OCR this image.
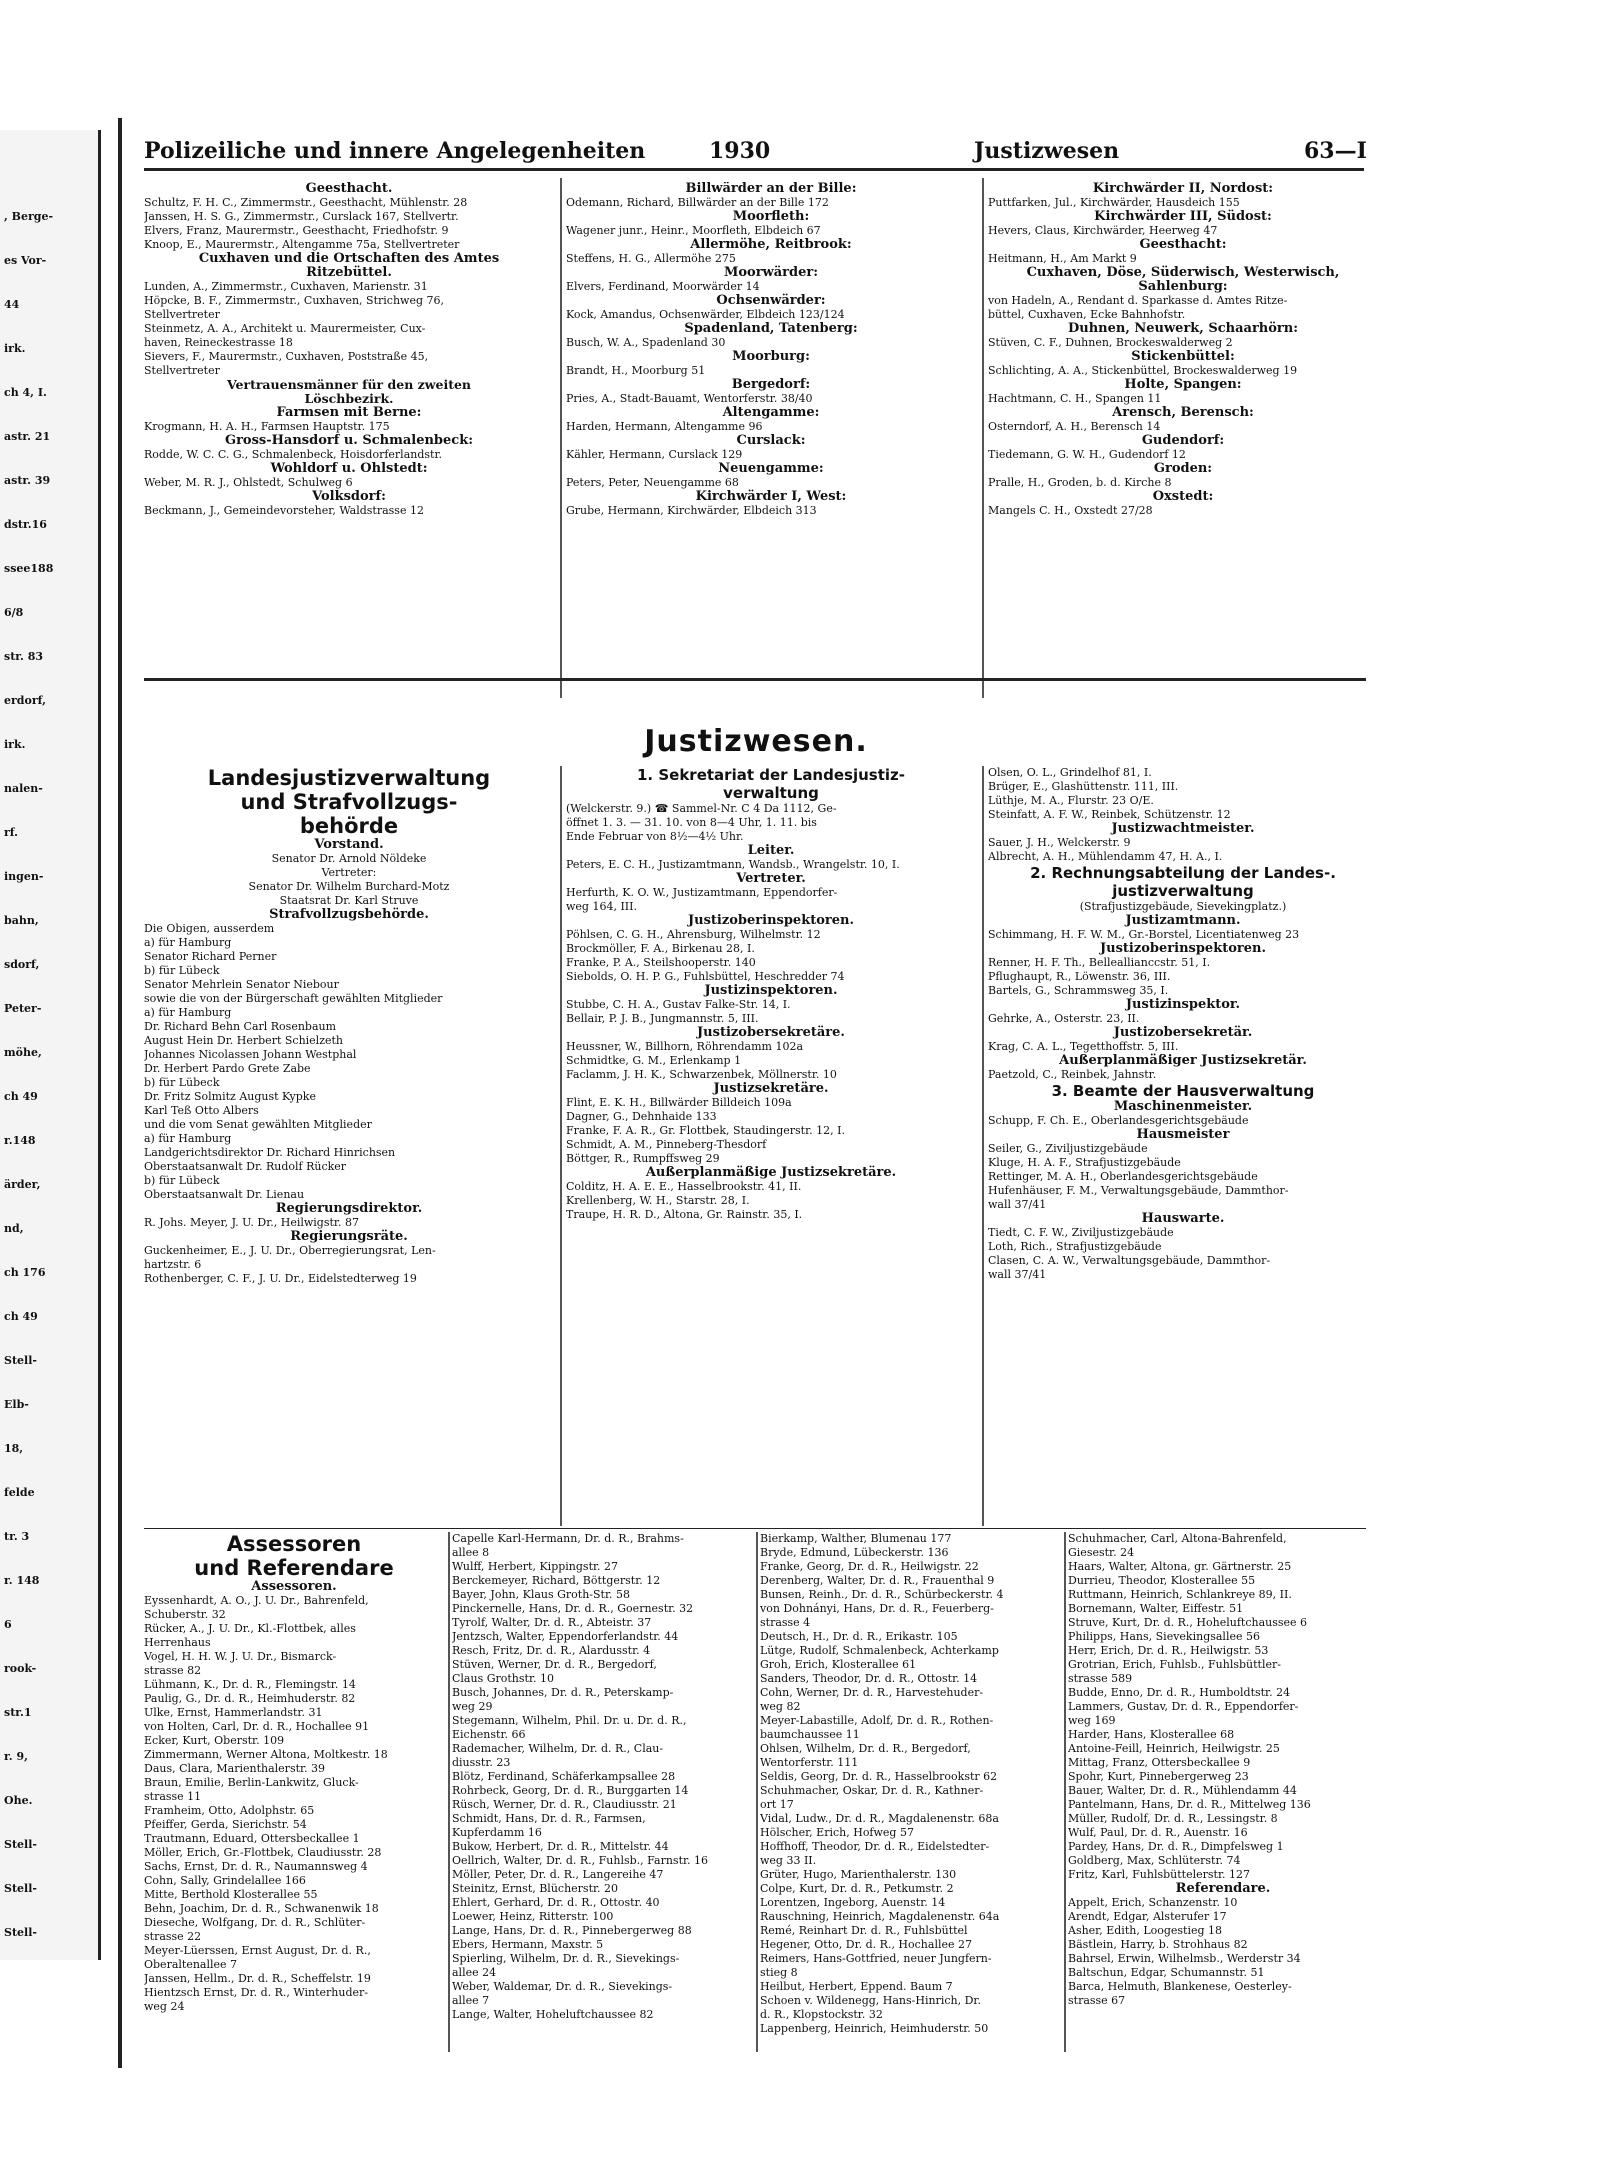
, Berge-
es Vor-
44
irk.
ch 4, I.
astr. 21
astr. 39
dstr.16
ssee188
6/8
str. 83
erdorf,
irk.
nalen-
rf.
ingen-
bahn,
sdorf,
Peter-
möhe,
ch 49
r.148
ärder,
nd,
ch 176
ch 49
Stell-
Elb-
18,
felde
tr. 3
r. 148
6
rook-
str.1
r. 9,
Ohe.
Stell-
Stell-
Stell-
Polizeiliche und innere Angelegenheiten	1930	Justizwesen	63—I
Geesthacht.
Schultz, F. H. C., Zimmermstr., Geesthacht, Mühlenstr. 28
Janssen, H. S. G., Zimmermstr., Curslack 167, Stellvertr.
Elvers, Franz, Maurermstr., Geesthacht, Friedhofstr. 9
Knoop, E., Maurermstr., Altengamme 75a, Stellvertreter
Cuxhaven und die Ortschaften des Amtes
Ritzebüttel.
Lunden, A., Zimmermstr., Cuxhaven, Marienstr. 31
Höpcke, B. F., Zimmermstr., Cuxhaven, Strichweg 76,
Stellvertreter
Steinmetz, A. A., Architekt u. Maurermeister, Cux-
haven, Reineckestrasse 18
Sievers, F., Maurermstr., Cuxhaven, Poststraße 45,
Stellvertreter
Vertrauensmänner für den zweiten
Löschbezirk.
Farmsen mit Berne:
Krogmann, H. A. H., Farmsen Hauptstr. 175
Gross-Hansdorf u. Schmalenbeck:
Rodde, W. C. C. G., Schmalenbeck, Hoisdorferlandstr.
Wohldorf u. Ohlstedt:
Weber, M. R. J., Ohlstedt, Schulweg 6
Volksdorf:
Beckmann, J., Gemeindevorsteher, Waldstrasse 12
Billwärder an der Bille:
Odemann, Richard, Billwärder an der Bille 172
Moorfleth:
Wagener junr., Heinr., Moorfleth, Elbdeich 67
Allermöhe, Reitbrook:
Steffens, H. G., Allermöhe 275
Moorwärder:
Elvers, Ferdinand, Moorwärder 14
Ochsenwärder:
Kock, Amandus, Ochsenwärder, Elbdeich 123/124
Spadenland, Tatenberg:
Busch, W. A., Spadenland 30
Moorburg:
Brandt, H., Moorburg 51
Bergedorf:
Pries, A., Stadt-Bauamt, Wentorferstr. 38/40
Altengamme:
Harden, Hermann, Altengamme 96
Curslack:
Kähler, Hermann, Curslack 129
Neuengamme:
Peters, Peter, Neuengamme 68
Kirchwärder I, West:
Grube, Hermann, Kirchwärder, Elbdeich 313
Kirchwärder II, Nordost:
Puttfarken, Jul., Kirchwärder, Hausdeich 155
Kirchwärder III, Südost:
Hevers, Claus, Kirchwärder, Heerweg 47
Geesthacht:
Heitmann, H., Am Markt 9
Cuxhaven, Döse, Süderwisch, Westerwisch,
Sahlenburg:
von Hadeln, A., Rendant d. Sparkasse d. Amtes Ritze-
büttel, Cuxhaven, Ecke Bahnhofstr.
Duhnen, Neuwerk, Schaarhörn:
Stüven, C. F., Duhnen, Brockeswalderweg 2
Stickenbüttel:
Schlichting, A. A., Stickenbüttel, Brockeswalderweg 19
Holte, Spangen:
Hachtmann, C. H., Spangen 11
Arensch, Berensch:
Osterndorf, A. H., Berensch 14
Gudendorf:
Tiedemann, G. W. H., Gudendorf 12
Groden:
Pralle, H., Groden, b. d. Kirche 8
Oxstedt:
Mangels C. H., Oxstedt 27/28
Justizwesen.
Landesjustizverwaltung
und Strafvollzugs-
behörde
Vorstand.
Senator Dr. Arnold Nöldeke
Vertreter:
Senator Dr. Wilhelm Burchard-Motz
Staatsrat Dr. Karl Struve
Strafvollzugsbehörde.
Die Obigen, ausserdem
a) für Hamburg
Senator Richard Perner
b) für Lübeck
Senator Mehrlein Senator Niebour
sowie die von der Bürgerschaft gewählten Mitglieder
a) für Hamburg
Dr. Richard Behn Carl Rosenbaum
August Hein Dr. Herbert Schielzeth
Johannes Nicolassen Johann Westphal
Dr. Herbert Pardo Grete Zabe
b) für Lübeck
Dr. Fritz Solmitz August Kypke
Karl Teß Otto Albers
und die vom Senat gewählten Mitglieder
a) für Hamburg
Landgerichtsdirektor Dr. Richard Hinrichsen
Oberstaatsanwalt Dr. Rudolf Rücker
b) für Lübeck
Oberstaatsanwalt Dr. Lienau
Regierungsdirektor.
R. Johs. Meyer, J. U. Dr., Heilwigstr. 87
Regierungsräte.
Guckenheimer, E., J. U. Dr., Oberregierungsrat, Len-
hartzstr. 6
Rothenberger, C. F., J. U. Dr., Eidelstedterweg 19
1. Sekretariat der Landesjustiz-
verwaltung
(Welckerstr. 9.) ☎ Sammel-Nr. C 4 Da 1112, Ge-
öffnet 1. 3. — 31. 10. von 8—4 Uhr, 1. 11. bis
Ende Februar von 8½—4½ Uhr.
Leiter.
Peters, E. C. H., Justizamtmann, Wandsb., Wrangelstr. 10, I.
Vertreter.
Herfurth, K. O. W., Justizamtmann, Eppendorfer-
weg 164, III.
Justizoberinspektoren.
Pöhlsen, C. G. H., Ahrensburg, Wilhelmstr. 12
Brockmöller, F. A., Birkenau 28, I.
Franke, P. A., Steilshooperstr. 140
Siebolds, O. H. P. G., Fuhlsbüttel, Heschredder 74
Justizinspektoren.
Stubbe, C. H. A., Gustav Falke-Str. 14, I.
Bellair, P. J. B., Jungmannstr. 5, III.
Justizobersekretäre.
Heussner, W., Billhorn, Röhrendamm 102a
Schmidtke, G. M., Erlenkamp 1
Faclamm, J. H. K., Schwarzenbek, Möllnerstr. 10
Justizsekretäre.
Flint, E. K. H., Billwärder Billdeich 109a
Dagner, G., Dehnhaide 133
Franke, F. A. R., Gr. Flottbek, Staudingerstr. 12, I.
Schmidt, A. M., Pinneberg-Thesdorf
Böttger, R., Rumpffsweg 29
Außerplanmäßige Justizsekretäre.
Colditz, H. A. E. E., Hasselbrookstr. 41, II.
Krellenberg, W. H., Starstr. 28, I.
Traupe, H. R. D., Altona, Gr. Rainstr. 35, I.
Olsen, O. L., Grindelhof 81, I.
Brüger, E., Glashüttenstr. 111, III.
Lüthje, M. A., Flurstr. 23 O/E.
Steinfatt, A. F. W., Reinbek, Schützenstr. 12
Justizwachtmeister.
Sauer, J. H., Welckerstr. 9
Albrecht, A. H., Mühlendamm 47, H. A., I.
2. Rechnungsabteilung der Landes-.
justizverwaltung
(Strafjustizgebäude, Sievekingplatz.)
Justizamtmann.
Schimmang, H. F. W. M., Gr.-Borstel, Licentiatenweg 23
Justizoberinspektoren.
Renner, H. F. Th., Belleallianccstr. 51, I.
Pflughaupt, R., Löwenstr. 36, III.
Bartels, G., Schrammsweg 35, I.
Justizinspektor.
Gehrke, A., Osterstr. 23, II.
Justizobersekretär.
Krag, C. A. L., Tegetthoffstr. 5, III.
Außerplanmäßiger Justizsekretär.
Paetzold, C., Reinbek, Jahnstr.
3. Beamte der Hausverwaltung
Maschinenmeister.
Schupp, F. Ch. E., Oberlandesgerichtsgebäude
Hausmeister
Seiler, G., Ziviljustizgebäude
Kluge, H. A. F., Strafjustizgebäude
Rettinger, M. A. H., Oberlandesgerichtsgebäude
Hufenhäuser, F. M., Verwaltungsgebäude, Dammthor-
wall 37/41
Hauswarte.
Tiedt, C. F. W., Ziviljustizgebäude
Loth, Rich., Strafjustizgebäude
Clasen, C. A. W., Verwaltungsgebäude, Dammthor-
wall 37/41
Assessoren
und Referendare
Assessoren.
Eyssenhardt, A. O., J. U. Dr., Bahrenfeld,
Schuberstr. 32
Rücker, A., J. U. Dr., Kl.-Flottbek, alles
Herrenhaus
Vogel, H. H. W. J. U. Dr., Bismarck-
strasse 82
Lühmann, K., Dr. d. R., Flemingstr. 14
Paulig, G., Dr. d. R., Heimhuderstr. 82
Ulke, Ernst, Hammerlandstr. 31
von Holten, Carl, Dr. d. R., Hochallee 91
Ecker, Kurt, Oberstr. 109
Zimmermann, Werner Altona, Moltkestr. 18
Daus, Clara, Marienthalerstr. 39
Braun, Emilie, Berlin-Lankwitz, Gluck-
strasse 11
Framheim, Otto, Adolphstr. 65
Pfeiffer, Gerda, Sierichstr. 54
Trautmann, Eduard, Ottersbeckallee 1
Möller, Erich, Gr.-Flottbek, Claudiusstr. 28
Sachs, Ernst, Dr. d. R., Naumannsweg 4
Cohn, Sally, Grindelallee 166
Mitte, Berthold Klosterallee 55
Behn, Joachim, Dr. d. R., Schwanenwik 18
Dieseche, Wolfgang, Dr. d. R., Schlüter-
strasse 22
Meyer-Lüerssen, Ernst August, Dr. d. R.,
Oberaltenallee 7
Janssen, Hellm., Dr. d. R., Scheffelstr. 19
Hientzsch Ernst, Dr. d. R., Winterhuder-
weg 24
Capelle Karl-Hermann, Dr. d. R., Brahms-
allee 8
Wulff, Herbert, Kippingstr. 27
Berckemeyer, Richard, Böttgerstr. 12
Bayer, John, Klaus Groth-Str. 58
Pinckernelle, Hans, Dr. d. R., Goernestr. 32
Tyrolf, Walter, Dr. d. R., Abteistr. 37
Jentzsch, Walter, Eppendorferlandstr. 44
Resch, Fritz, Dr. d. R., Alardusstr. 4
Stüven, Werner, Dr. d. R., Bergedorf,
Claus Grothstr. 10
Busch, Johannes, Dr. d. R., Peterskamp-
weg 29
Stegemann, Wilhelm, Phil. Dr. u. Dr. d. R.,
Eichenstr. 66
Rademacher, Wilhelm, Dr. d. R., Clau-
diusstr. 23
Blötz, Ferdinand, Schäferkampsallee 28
Rohrbeck, Georg, Dr. d. R., Burggarten 14
Rüsch, Werner, Dr. d. R., Claudiusstr. 21
Schmidt, Hans, Dr. d. R., Farmsen,
Kupferdamm 16
Bukow, Herbert, Dr. d. R., Mittelstr. 44
Oellrich, Walter, Dr. d. R., Fuhlsb., Farnstr. 16
Möller, Peter, Dr. d. R., Langereihe 47
Steinitz, Ernst, Blücherstr. 20
Ehlert, Gerhard, Dr. d. R., Ottostr. 40
Loewer, Heinz, Ritterstr. 100
Lange, Hans, Dr. d. R., Pinnebergerweg 88
Ebers, Hermann, Maxstr. 5
Spierling, Wilhelm, Dr. d. R., Sievekings-
allee 24
Weber, Waldemar, Dr. d. R., Sievekings-
allee 7
Lange, Walter, Hoheluftchaussee 82
Bierkamp, Walther, Blumenau 177
Bryde, Edmund, Lübeckerstr. 136
Franke, Georg, Dr. d. R., Heilwigstr. 22
Derenberg, Walter, Dr. d. R., Frauenthal 9
Bunsen, Reinh., Dr. d. R., Schürbeckerstr. 4
von Dohnányi, Hans, Dr. d. R., Feuerberg-
strasse 4
Deutsch, H., Dr. d. R., Erikastr. 105
Lütge, Rudolf, Schmalenbeck, Achterkamp
Groh, Erich, Klosterallee 61
Sanders, Theodor, Dr. d. R., Ottostr. 14
Cohn, Werner, Dr. d. R., Harvestehuder-
weg 82
Meyer-Labastille, Adolf, Dr. d. R., Rothen-
baumchaussee 11
Ohlsen, Wilhelm, Dr. d. R., Bergedorf,
Wentorferstr. 111
Seldis, Georg, Dr. d. R., Hasselbrookstr 62
Schuhmacher, Oskar, Dr. d. R., Kathner-
ort 17
Vidal, Ludw., Dr. d. R., Magdalenenstr. 68a
Hölscher, Erich, Hofweg 57
Hoffhoff, Theodor, Dr. d. R., Eidelstedter-
weg 33 II.
Grüter, Hugo, Marienthalerstr. 130
Colpe, Kurt, Dr. d. R., Petkumstr. 2
Lorentzen, Ingeborg, Auenstr. 14
Rauschning, Heinrich, Magdalenenstr. 64a
Remé, Reinhart Dr. d. R., Fuhlsbüttel
Hegener, Otto, Dr. d. R., Hochallee 27
Reimers, Hans-Gottfried, neuer Jungfern-
stieg 8
Heilbut, Herbert, Eppend. Baum 7
Schoen v. Wildenegg, Hans-Hinrich, Dr.
d. R., Klopstockstr. 32
Lappenberg, Heinrich, Heimhuderstr. 50
Schuhmacher, Carl, Altona-Bahrenfeld,
Giesestr. 24
Haars, Walter, Altona, gr. Gärtnerstr. 25
Durrieu, Theodor, Klosterallee 55
Ruttmann, Heinrich, Schlankreye 89, II.
Bornemann, Walter, Eiffestr. 51
Struve, Kurt, Dr. d. R., Hoheluftchaussee 6
Philipps, Hans, Sievekingsallee 56
Herr, Erich, Dr. d. R., Heilwigstr. 53
Grotrian, Erich, Fuhlsb., Fuhlsbüttler-
strasse 589
Budde, Enno, Dr. d. R., Humboldtstr. 24
Lammers, Gustav, Dr. d. R., Eppendorfer-
weg 169
Harder, Hans, Klosterallee 68
Antoine-Feill, Heinrich, Heilwigstr. 25
Mittag, Franz, Ottersbeckallee 9
Spohr, Kurt, Pinnebergerweg 23
Bauer, Walter, Dr. d. R., Mühlendamm 44
Pantelmann, Hans, Dr. d. R., Mittelweg 136
Müller, Rudolf, Dr. d. R., Lessingstr. 8
Wulf, Paul, Dr. d. R., Auenstr. 16
Pardey, Hans, Dr. d. R., Dimpfelsweg 1
Goldberg, Max, Schlüterstr. 74
Fritz, Karl, Fuhlsbüttelerstr. 127
Referendare.
Appelt, Erich, Schanzenstr. 10
Arendt, Edgar, Alsterufer 17
Asher, Edith, Loogestieg 18
Bästlein, Harry, b. Strohhaus 82
Bahrsel, Erwin, Wilhelmsb., Werderstr 34
Baltschun, Edgar, Schumannstr. 51
Barca, Helmuth, Blankenese, Oesterley-
strasse 67
